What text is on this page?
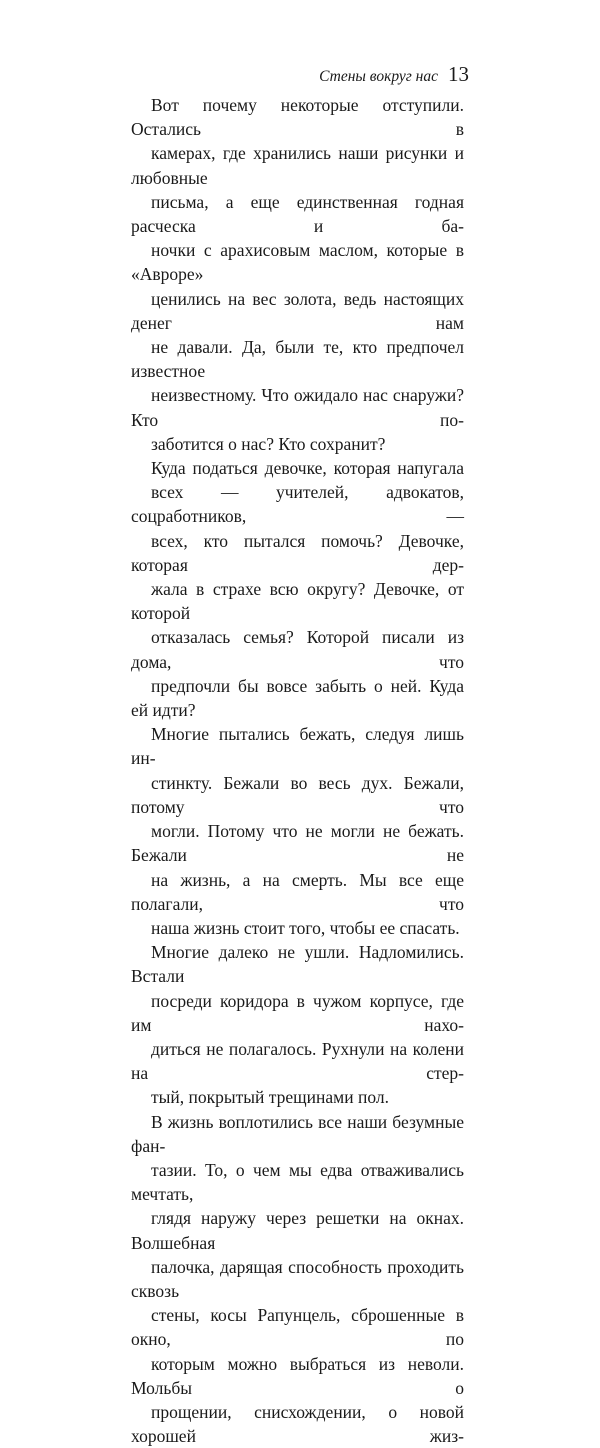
Стены вокруг нас 13

Вот почему некоторые отступили. Остались в
камерах, где хранились наши рисунки и любовные
письма, а еще единственная годная расческа и ба-
ночки с арахисовым маслом, которые в «Авроре»
ценились на вес золота, ведь настоящих денег нам
не давали. Да, были те, кто предпочел известное
неизвестному. Что ожидало нас снаружи? Кто по-
заботится о нас? Кто сохранит?

Куда податься девочке, которая напугала
всех — учителей, адвокатов, соцработников, —
всех, кто пытался помочь? Девочке, которая дер-
жала в страхе всю округу? Девочке, от которой
отказалась семья? Которой писали из дома, что
предпочли бы вовсе забыть о ней. Куда ей идти?

Многие пытались бежать, следуя лишь ин-
стинкту. Бежали во весь дух. Бежали, потому что
могли. Потому что не могли не бежать. Бежали не
на жизнь, а на смерть. Мы все еще полагали, что
наша жизнь стоит того, чтобы ее спасать.

Многие далеко не ушли. Надломились. Встали
посреди коридора в чужом корпусе, где им нахо-
диться не полагалось. Рухнули на колени на стер-
тый, покрытый трещинами пол.

В жизнь воплотились все наши безумные фан-
тазии. То, о чем мы едва отваживались мечтать,
глядя наружу через решетки на окнах. Волшебная
палочка, дарящая способность проходить сквозь
стены, косы Рапунцель, сброшенные в окно, по
которым можно выбраться из неволи. Мольбы о
прощении, снисхождении, о новой хорошей жиз-
